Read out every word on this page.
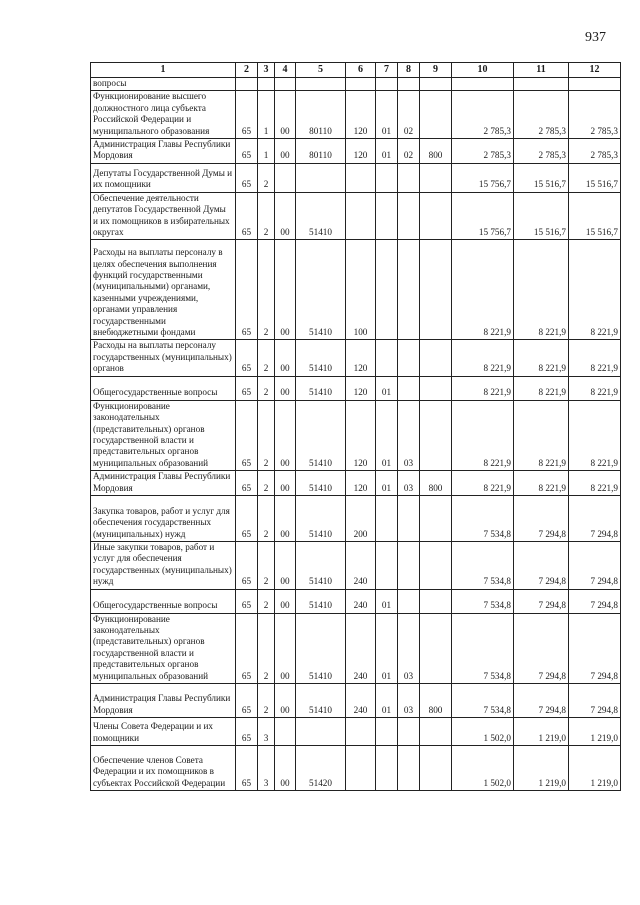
937
1	2	3	4	5	6	7	8	9	10	11	12
вопросы											
Функционирование высшего должностного лица субъекта Российской Федерации и муниципального образования	65	1	00	80110	120	01	02		2 785,3	2 785,3	2 785,3
Администрация Главы Республики Мордовия	65	1	00	80110	120	01	02	800	2 785,3	2 785,3	2 785,3
Депутаты Государственной Думы и их помощники	65	2							15 756,7	15 516,7	15 516,7
Обеспечение деятельности депутатов Государственной Думы и их помощников в избирательных округах	65	2	00	51410					15 756,7	15 516,7	15 516,7
Расходы на выплаты персоналу в целях обеспечения выполнения функций государственными (муниципальными) органами, казенными учреждениями, органами управления государственными внебюджетными фондами	65	2	00	51410	100				8 221,9	8 221,9	8 221,9
Расходы на выплаты персоналу государственных (муниципальных) органов	65	2	00	51410	120				8 221,9	8 221,9	8 221,9
Общегосударственные вопросы	65	2	00	51410	120	01			8 221,9	8 221,9	8 221,9
Функционирование законодательных (представительных) органов государственной власти и представительных органов муниципальных образований	65	2	00	51410	120	01	03		8 221,9	8 221,9	8 221,9
Администрация Главы Республики Мордовия	65	2	00	51410	120	01	03	800	8 221,9	8 221,9	8 221,9
Закупка товаров, работ и услуг для обеспечения государственных (муниципальных) нужд	65	2	00	51410	200				7 534,8	7 294,8	7 294,8
Иные закупки товаров, работ и услуг для обеспечения государственных (муниципальных) нужд	65	2	00	51410	240				7 534,8	7 294,8	7 294,8
Общегосударственные вопросы	65	2	00	51410	240	01			7 534,8	7 294,8	7 294,8
Функционирование законодательных (представительных) органов государственной власти и представительных органов муниципальных образований	65	2	00	51410	240	01	03		7 534,8	7 294,8	7 294,8
Администрация Главы Республики Мордовия	65	2	00	51410	240	01	03	800	7 534,8	7 294,8	7 294,8
Члены Совета Федерации и их помощники	65	3							1 502,0	1 219,0	1 219,0
Обеспечение членов Совета Федерации и их помощников в субъектах Российской Федерации	65	3	00	51420					1 502,0	1 219,0	1 219,0
